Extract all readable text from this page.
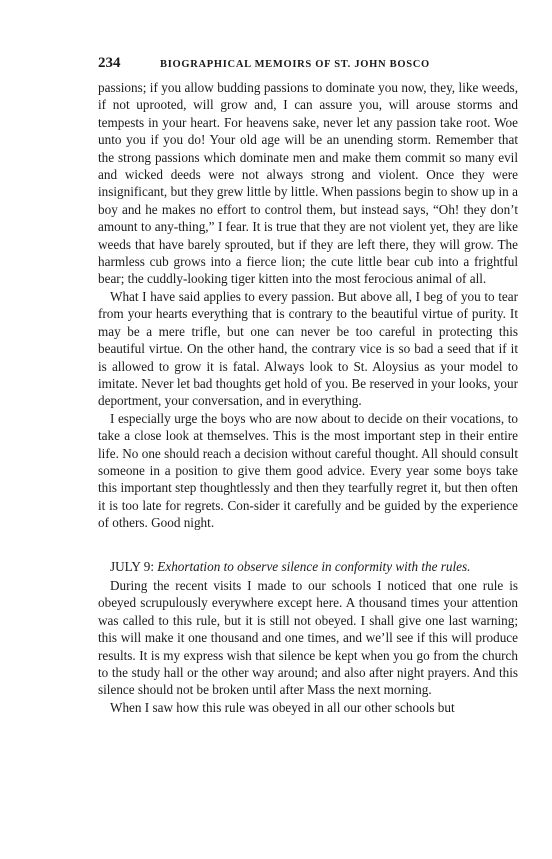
234	BIOGRAPHICAL MEMOIRS OF ST. JOHN BOSCO

passions; if you allow budding passions to dominate you now, they, like weeds, if not uprooted, will grow and, I can assure you, will arouse storms and tempests in your heart. For heavens sake, never let any passion take root. Woe unto you if you do! Your old age will be an unending storm. Remember that the strong passions which dominate men and make them commit so many evil and wicked deeds were not always strong and violent. Once they were insignificant, but they grew little by little. When passions begin to show up in a boy and he makes no effort to control them, but instead says, “Oh! they don’t amount to any-thing,” I fear. It is true that they are not violent yet, they are like weeds that have barely sprouted, but if they are left there, they will grow. The harmless cub grows into a fierce lion; the cute little bear cub into a frightful bear; the cuddly-looking tiger kitten into the most ferocious animal of all.

What I have said applies to every passion. But above all, I beg of you to tear from your hearts everything that is contrary to the beautiful virtue of purity. It may be a mere trifle, but one can never be too careful in protecting this beautiful virtue. On the other hand, the contrary vice is so bad a seed that if it is allowed to grow it is fatal. Always look to St. Aloysius as your model to imitate. Never let bad thoughts get hold of you. Be reserved in your looks, your deportment, your conversation, and in everything.

I especially urge the boys who are now about to decide on their vocations, to take a close look at themselves. This is the most important step in their entire life. No one should reach a decision without careful thought. All should consult someone in a position to give them good advice. Every year some boys take this important step thoughtlessly and then they tearfully regret it, but then often it is too late for regrets. Con-sider it carefully and be guided by the experience of others. Good night.

JULY 9: Exhortation to observe silence in conformity with the rules.

During the recent visits I made to our schools I noticed that one rule is obeyed scrupulously everywhere except here. A thousand times your attention was called to this rule, but it is still not obeyed. I shall give one last warning; this will make it one thousand and one times, and we’ll see if this will produce results. It is my express wish that silence be kept when you go from the church to the study hall or the other way around; and also after night prayers. And this silence should not be broken until after Mass the next morning.

When I saw how this rule was obeyed in all our other schools but
